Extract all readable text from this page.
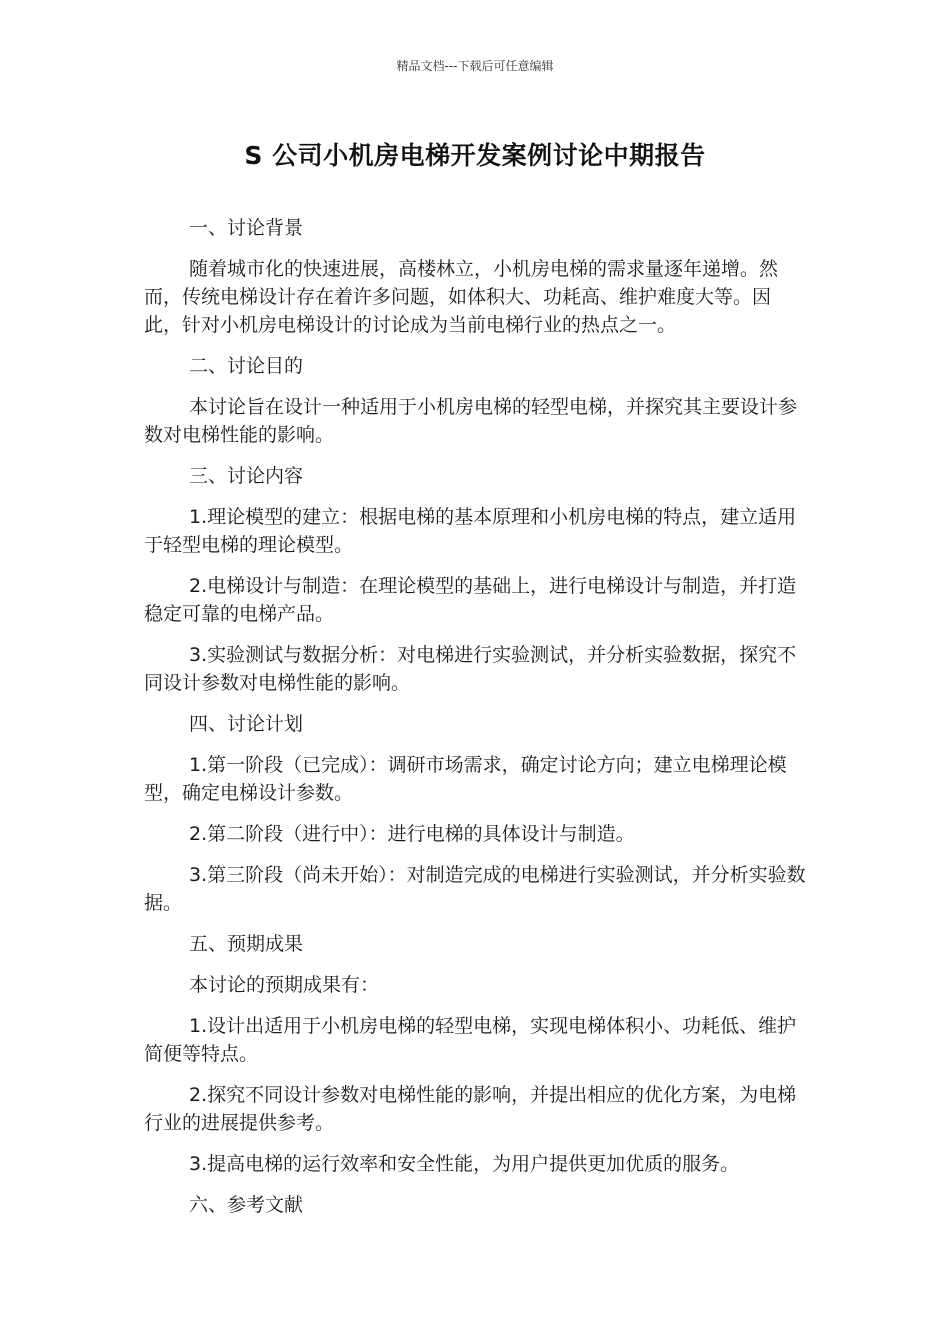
精品文档---下载后可任意编辑
S 公司小机房电梯开发案例讨论中期报告

一、讨论背景

随着城市化的快速进展，高楼林立，小机房电梯的需求量逐年递增。然而，传统电梯设计存在着许多问题，如体积大、功耗高、维护难度大等。因此，针对小机房电梯设计的讨论成为当前电梯行业的热点之一。

二、讨论目的

本讨论旨在设计一种适用于小机房电梯的轻型电梯，并探究其主要设计参数对电梯性能的影响。

三、讨论内容

1.理论模型的建立：根据电梯的基本原理和小机房电梯的特点，建立适用于轻型电梯的理论模型。

2.电梯设计与制造：在理论模型的基础上，进行电梯设计与制造，并打造稳定可靠的电梯产品。

3.实验测试与数据分析：对电梯进行实验测试，并分析实验数据，探究不同设计参数对电梯性能的影响。

四、讨论计划

1.第一阶段（已完成）：调研市场需求，确定讨论方向；建立电梯理论模型，确定电梯设计参数。

2.第二阶段（进行中）：进行电梯的具体设计与制造。

3.第三阶段（尚未开始）：对制造完成的电梯进行实验测试，并分析实验数据。

五、预期成果

本讨论的预期成果有：

1.设计出适用于小机房电梯的轻型电梯，实现电梯体积小、功耗低、维护简便等特点。

2.探究不同设计参数对电梯性能的影响，并提出相应的优化方案，为电梯行业的进展提供参考。

3.提高电梯的运行效率和安全性能，为用户提供更加优质的服务。

六、参考文献
